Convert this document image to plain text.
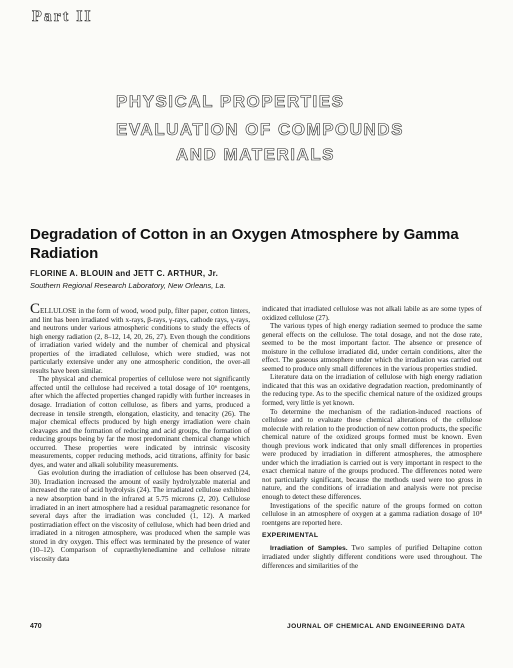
Part II

PHYSICAL PROPERTIES

EVALUATION OF COMPOUNDS

AND MATERIALS

Degradation of Cotton in an Oxygen Atmosphere by Gamma Radiation

FLORINE A. BLOUIN and JETT C. ARTHUR, Jr.

Southern Regional Research Laboratory, New Orleans, La.

CELLULOSE in the form of wood, wood pulp, filter paper, cotton linters, and lint has been irradiated with x-rays, β-rays, γ-rays, cathode rays, γ-rays, and neutrons under various atmospheric conditions to study the effects of high energy radiation (2, 8–12, 14, 20, 26, 27). Even though the conditions of irradiation varied widely and the number of chemical and physical properties of the irradiated cellulose, which were studied, was not particularly extensive under any one atmospheric condition, the over-all results have been similar.

The physical and chemical properties of cellulose were not significantly affected until the cellulose had received a total dosage of 10⁶ roentgens, after which the affected properties changed rapidly with further increases in dosage. Irradiation of cotton cellulose, as fibers and yarns, produced a decrease in tensile strength, elongation, elasticity, and tenacity (26). The major chemical effects produced by high energy irradiation were chain cleavages and the formation of reducing and acid groups, the formation of reducing groups being by far the most predominant chemical change which occurred. These properties were indicated by intrinsic viscosity measurements, copper reducing methods, acid titrations, affinity for basic dyes, and water and alkali solubility measurements.

Gas evolution during the irradiation of cellulose has been observed (24, 30). Irradiation increased the amount of easily hydrolyzable material and increased the rate of acid hydrolysis (24). The irradiated cellulose exhibited a new absorption band in the infrared at 5.75 microns (2, 20). Cellulose irradiated in an inert atmosphere had a residual paramagnetic resonance for several days after the irradiation was concluded (1, 12). A marked postirradiation effect on the viscosity of cellulose, which had been dried and irradiated in a nitrogen atmosphere, was produced when the sample was stored in dry oxygen. This effect was terminated by the presence of water (10–12). Comparison of cupraethylenediamine and cellulose nitrate viscosity data

indicated that irradiated cellulose was not alkali labile as are some types of oxidized cellulose (27).

The various types of high energy radiation seemed to produce the same general effects on the cellulose. The total dosage, and not the dose rate, seemed to be the most important factor. The absence or presence of moisture in the cellulose irradiated did, under certain conditions, alter the effect. The gaseous atmosphere under which the irradiation was carried out seemed to produce only small differences in the various properties studied.

Literature data on the irradiation of cellulose with high energy radiation indicated that this was an oxidative degradation reaction, predominantly of the reducing type. As to the specific chemical nature of the oxidized groups formed, very little is yet known.

To determine the mechanism of the radiation-induced reactions of cellulose and to evaluate these chemical alterations of the cellulose molecule with relation to the production of new cotton products, the specific chemical nature of the oxidized groups formed must be known. Even though previous work indicated that only small differences in properties were produced by irradiation in different atmospheres, the atmosphere under which the irradiation is carried out is very important in respect to the exact chemical nature of the groups produced. The differences noted were not particularly significant, because the methods used were too gross in nature, and the conditions of irradiation and analysis were not precise enough to detect these differences.

Investigations of the specific nature of the groups formed on cotton cellulose in an atmosphere of oxygen at a gamma radiation dosage of 10⁸ roentgens are reported here.

EXPERIMENTAL

Irradiation of Samples. Two samples of purified Deltapine cotton irradiated under slightly different conditions were used throughout. The differences and similarities of the

470	JOURNAL OF CHEMICAL AND ENGINEERING DATA
